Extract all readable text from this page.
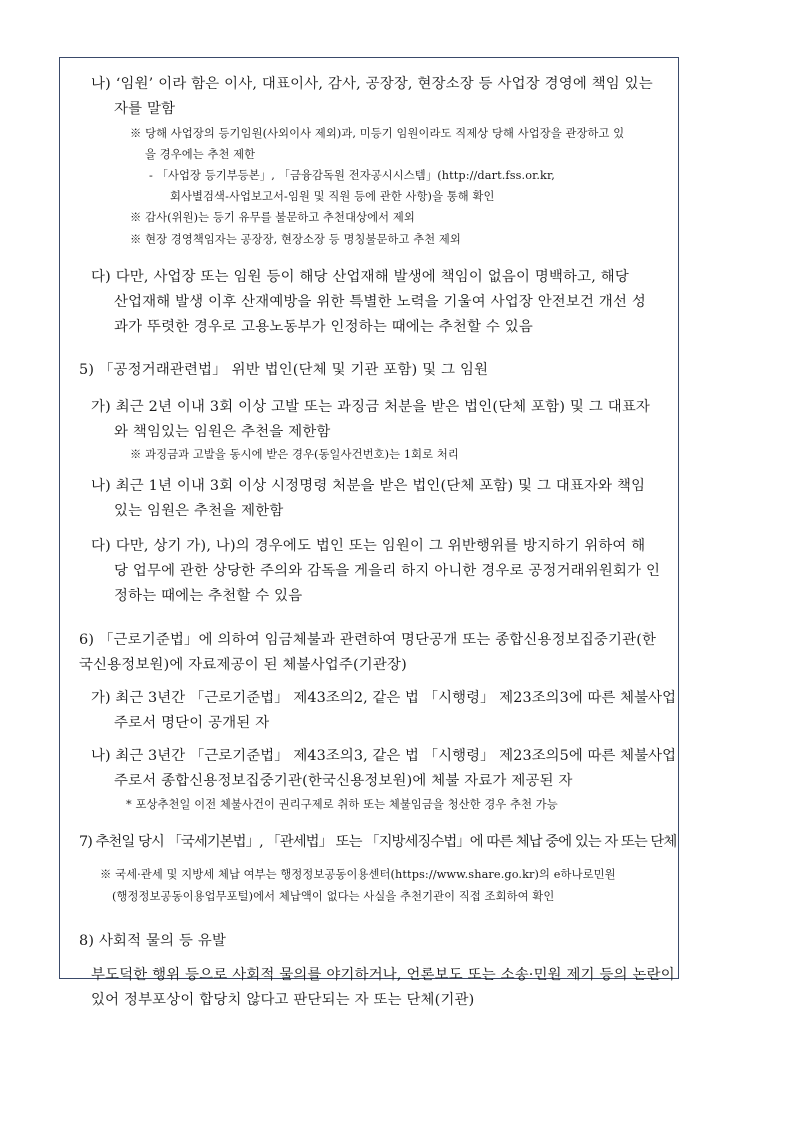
나) ‘임원’ 이라 함은 이사, 대표이사, 감사, 공장장, 현장소장 등 사업장 경영에 책임 있는
자를 말함
※ 당해 사업장의 등기임원(사외이사 제외)과, 미등기 임원이라도 직제상 당해 사업장을 관장하고 있
을 경우에는 추천 제한
- 「사업장 등기부등본」, 「금융감독원 전자공시시스템」(http://dart.fss.or.kr,
회사별검색-사업보고서-임원 및 직원 등에 관한 사항)을 통해 확인
※ 감사(위원)는 등기 유무를 불문하고 추천대상에서 제외
※ 현장 경영책임자는 공장장, 현장소장 등 명칭불문하고 추천 제외
다) 다만, 사업장 또는 임원 등이 해당 산업재해 발생에 책임이 없음이 명백하고, 해당
산업재해 발생 이후 산재예방을 위한 특별한 노력을 기울여 사업장 안전보건 개선 성
과가 뚜렷한 경우로 고용노동부가 인정하는 때에는 추천할 수 있음
5) 「공정거래관련법」 위반 법인(단체 및 기관 포함) 및 그 임원
가) 최근 2년 이내 3회 이상 고발 또는 과징금 처분을 받은 법인(단체 포함) 및 그 대표자
와 책임있는 임원은 추천을 제한함
※ 과징금과 고발을 동시에 받은 경우(동일사건번호)는 1회로 처리
나) 최근 1년 이내 3회 이상 시정명령 처분을 받은 법인(단체 포함) 및 그 대표자와 책임
있는 임원은 추천을 제한함
다) 다만, 상기 가), 나)의 경우에도 법인 또는 임원이 그 위반행위를 방지하기 위하여 해
당 업무에 관한 상당한 주의와 감독을 게을리 하지 아니한 경우로 공정거래위원회가 인
정하는 때에는 추천할 수 있음
6) 「근로기준법」에 의하여 임금체불과 관련하여 명단공개 또는 종합신용정보집중기관(한
국신용정보원)에 자료제공이 된 체불사업주(기관장)
가) 최근 3년간 「근로기준법」 제43조의2, 같은 법 「시행령」 제23조의3에 따른 체불사업
주로서 명단이 공개된 자
나) 최근 3년간 「근로기준법」 제43조의3, 같은 법 「시행령」 제23조의5에 따른 체불사업
주로서 종합신용정보집중기관(한국신용정보원)에 체불 자료가 제공된 자
* 포상추천일 이전 체불사건이 권리구제로 취하 또는 체불임금을 청산한 경우 추천 가능
7) 추천일 당시 「국세기본법」, 「관세법」 또는 「지방세징수법」에 따른 체납 중에 있는 자 또는 단체
※ 국세·관세 및 지방세 체납 여부는 행정정보공동이용센터(https://www.share.go.kr)의 e하나로민원
(행정정보공동이용업무포털)에서 체납액이 없다는 사실을 추천기관이 직접 조회하여 확인
8) 사회적 물의 등 유발
부도덕한 행위 등으로 사회적 물의를 야기하거나, 언론보도 또는 소송·민원 제기 등의 논란이
있어 정부포상이 합당치 않다고 판단되는 자 또는 단체(기관)
